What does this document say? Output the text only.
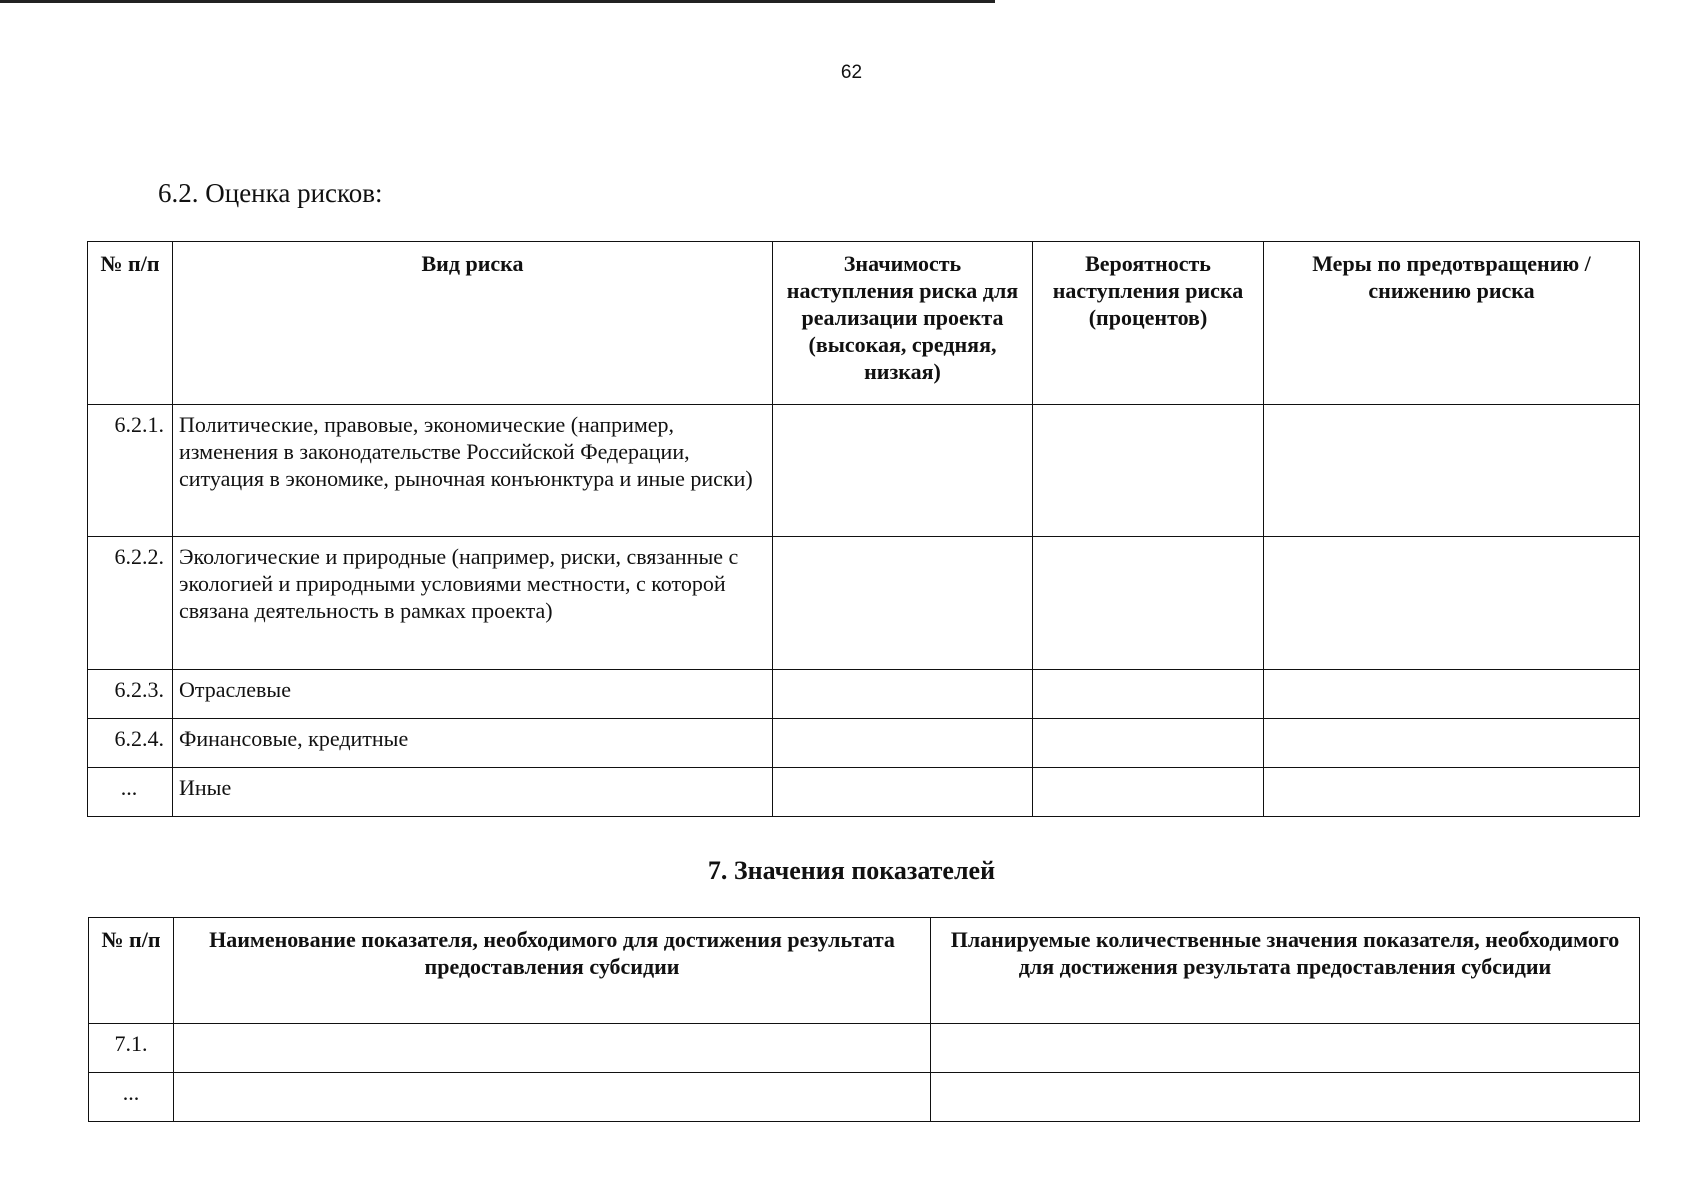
62
6.2. Оценка рисков:
№ п/п	Вид риска	Значимость наступления риска для реализации проекта (высокая, средняя, низкая)	Вероятность наступления риска (процентов)	Меры по предотвращению / снижению риска
6.2.1.	Политические, правовые, экономические (например, изменения в законодательстве Российской Федерации, ситуация в экономике, рыночная конъюнктура и иные риски)			
6.2.2.	Экологические и природные (например, риски, связанные с экологией и природными условиями местности, с которой связана деятельность в рамках проекта)			
6.2.3.	Отраслевые			
6.2.4.	Финансовые, кредитные			
...	Иные			
7. Значения показателей
№ п/п	Наименование показателя, необходимого для достижения результата предоставления субсидии	Планируемые количественные значения показателя, необходимого для достижения результата предоставления субсидии
7.1.		
...		
